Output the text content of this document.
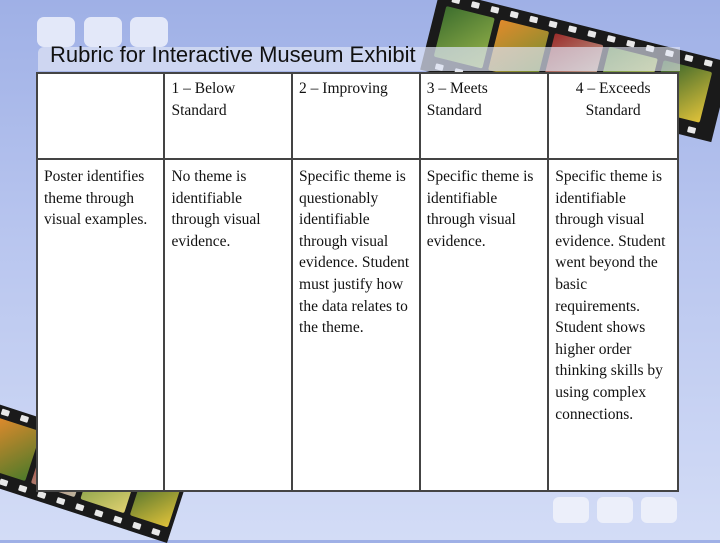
Rubric for Interactive Museum Exhibit
	1 – Below Standard	2 – Improving	3 – Meets Standard	4 – Exceeds Standard
Poster identifies theme through visual examples.	No theme is identifiable through visual evidence.	Specific theme is questionably identifiable through visual evidence. Student must justify how the data relates to the theme.	Specific theme is identifiable through visual evidence.	Specific theme is identifiable through visual evidence. Student went beyond the basic requirements. Student shows higher order thinking skills by using complex connections.
